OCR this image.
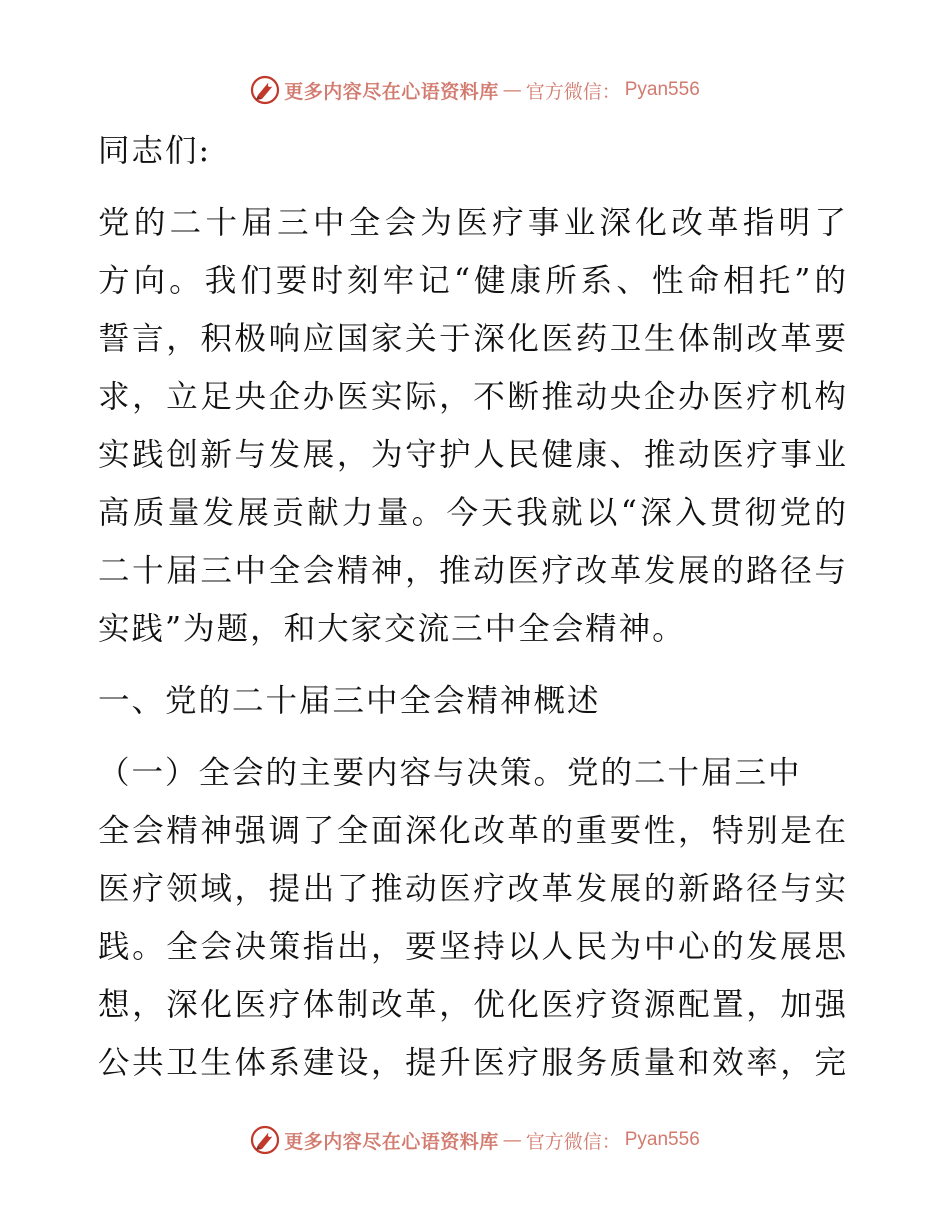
更多内容尽在心语资料库 — 官方微信： Pyan556
同志们:
党的二十届三中全会为医疗事业深化改革指明了
方向。我们要时刻牢记“健康所系、性命相托”的
誓言，积极响应国家关于深化医药卫生体制改革要
求，立足央企办医实际，不断推动央企办医疗机构
实践创新与发展，为守护人民健康、推动医疗事业
高质量发展贡献力量。今天我就以“深入贯彻党的
二十届三中全会精神，推动医疗改革发展的路径与
实践”为题，和大家交流三中全会精神。
一、党的二十届三中全会精神概述
（一）全会的主要内容与决策。党的二十届三中
全会精神强调了全面深化改革的重要性，特别是在
医疗领域，提出了推动医疗改革发展的新路径与实
践。全会决策指出，要坚持以人民为中心的发展思
想，深化医疗体制改革，优化医疗资源配置，加强
公共卫生体系建设，提升医疗服务质量和效率，完
更多内容尽在心语资料库 — 官方微信： Pyan556
